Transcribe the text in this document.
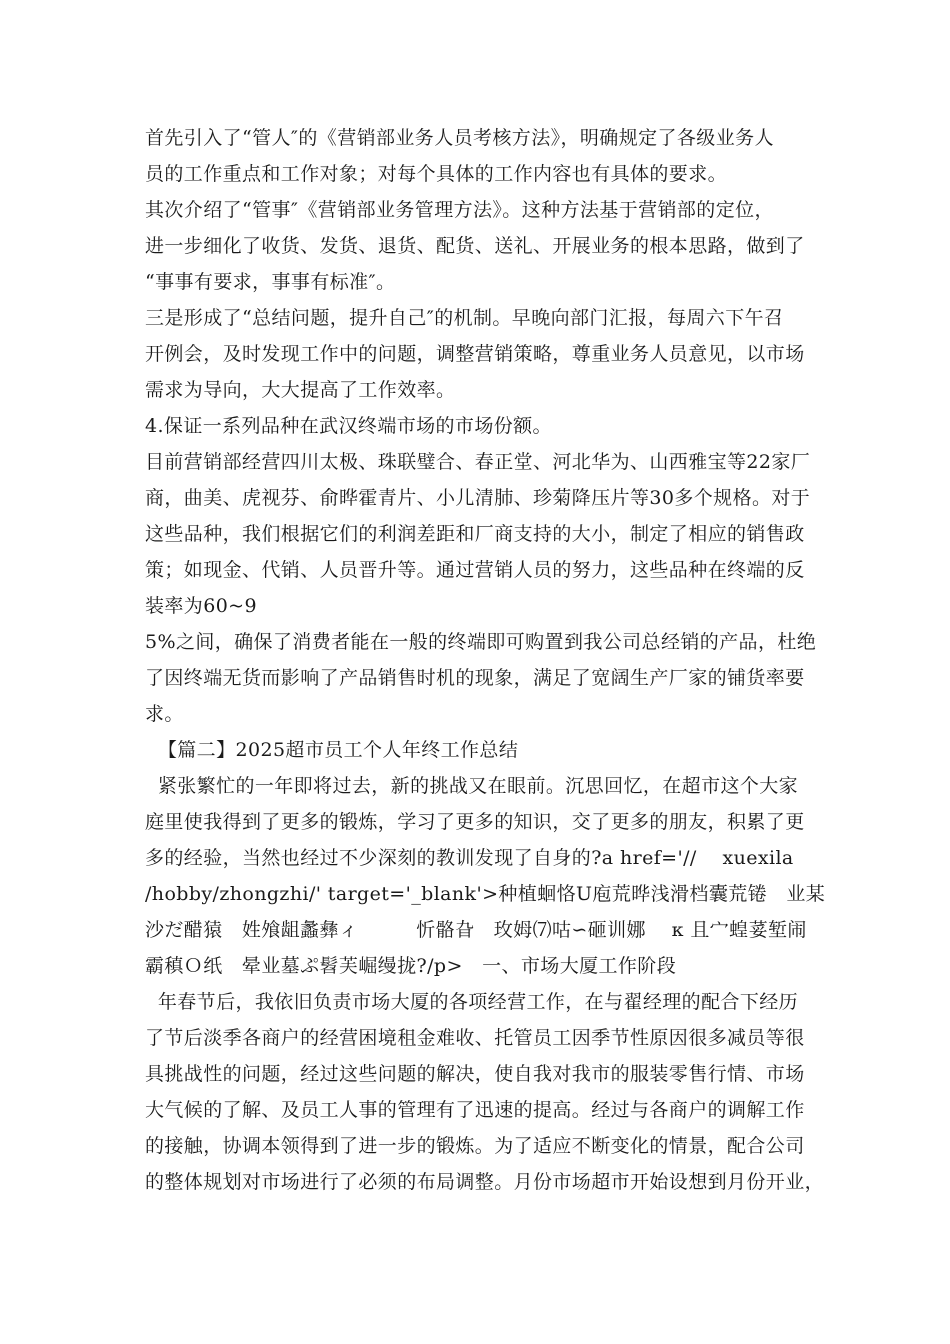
首先引入了“管人″的《营销部业务人员考核方法》，明确规定了各级业务人
员的工作重点和工作对象；对每个具体的工作内容也有具体的要求。
其次介绍了“管事″《营销部业务管理方法》。这种方法基于营销部的定位，
进一步细化了收货、发货、退货、配货、送礼、开展业务的根本思路，做到了
“事事有要求，事事有标准″。
三是形成了“总结问题，提升自己″的机制。早晚向部门汇报，每周六下午召
开例会，及时发现工作中的问题，调整营销策略，尊重业务人员意见，以市场
需求为导向，大大提高了工作效率。
4.保证一系列品种在武汉终端市场的市场份额。
目前营销部经营四川太极、珠联璧合、春正堂、河北华为、山西雅宝等22家厂
商，曲美、虎视芬、俞晔霍青片、小儿清肺、珍菊降压片等30多个规格。对于
这些品种，我们根据它们的利润差距和厂商支持的大小，制定了相应的销售政
策；如现金、代销、人员晋升等。通过营销人员的努力，这些品种在终端的反
装率为60~9
5%之间，确保了消费者能在一般的终端即可购置到我公司总经销的产品，杜绝
了因终端无货而影响了产品销售时机的现象，满足了宽阔生产厂家的铺货率要
求。
【篇二】2025超市员工个人年终工作总结
紧张繁忙的一年即将过去，新的挑战又在眼前。沉思回忆，在超市这个大家
庭里使我得到了更多的锻炼，学习了更多的知识，交了更多的朋友，积累了更
多的经验，当然也经过不少深刻的教训发现了自身的?a href='//    xuexila
/hobby/zhongzhi/' target='_blank'>种植蛔恪U庖荒晔浅滑档囊荒锩   业某
沙だ醋猿   姓飧龃蠡彝ィ         忻骼旮   玫姆⑺咕∽砸训娜    κ 且宀蝗荽堑闹
霸稹Ｏ纸   晕业墓ぷ髫芙崛缦拢?/p>   一、市场大厦工作阶段
年春节后，我依旧负责市场大厦的各项经营工作，在与翟经理的配合下经历
了节后淡季各商户的经营困境租金难收、托管员工因季节性原因很多减员等很
具挑战性的问题，经过这些问题的解决，使自我对我市的服装零售行情、市场
大气候的了解、及员工人事的管理有了迅速的提高。经过与各商户的调解工作
的接触，协调本领得到了进一步的锻炼。为了适应不断变化的情景，配合公司
的整体规划对市场进行了必须的布局调整。月份市场超市开始设想到月份开业，
